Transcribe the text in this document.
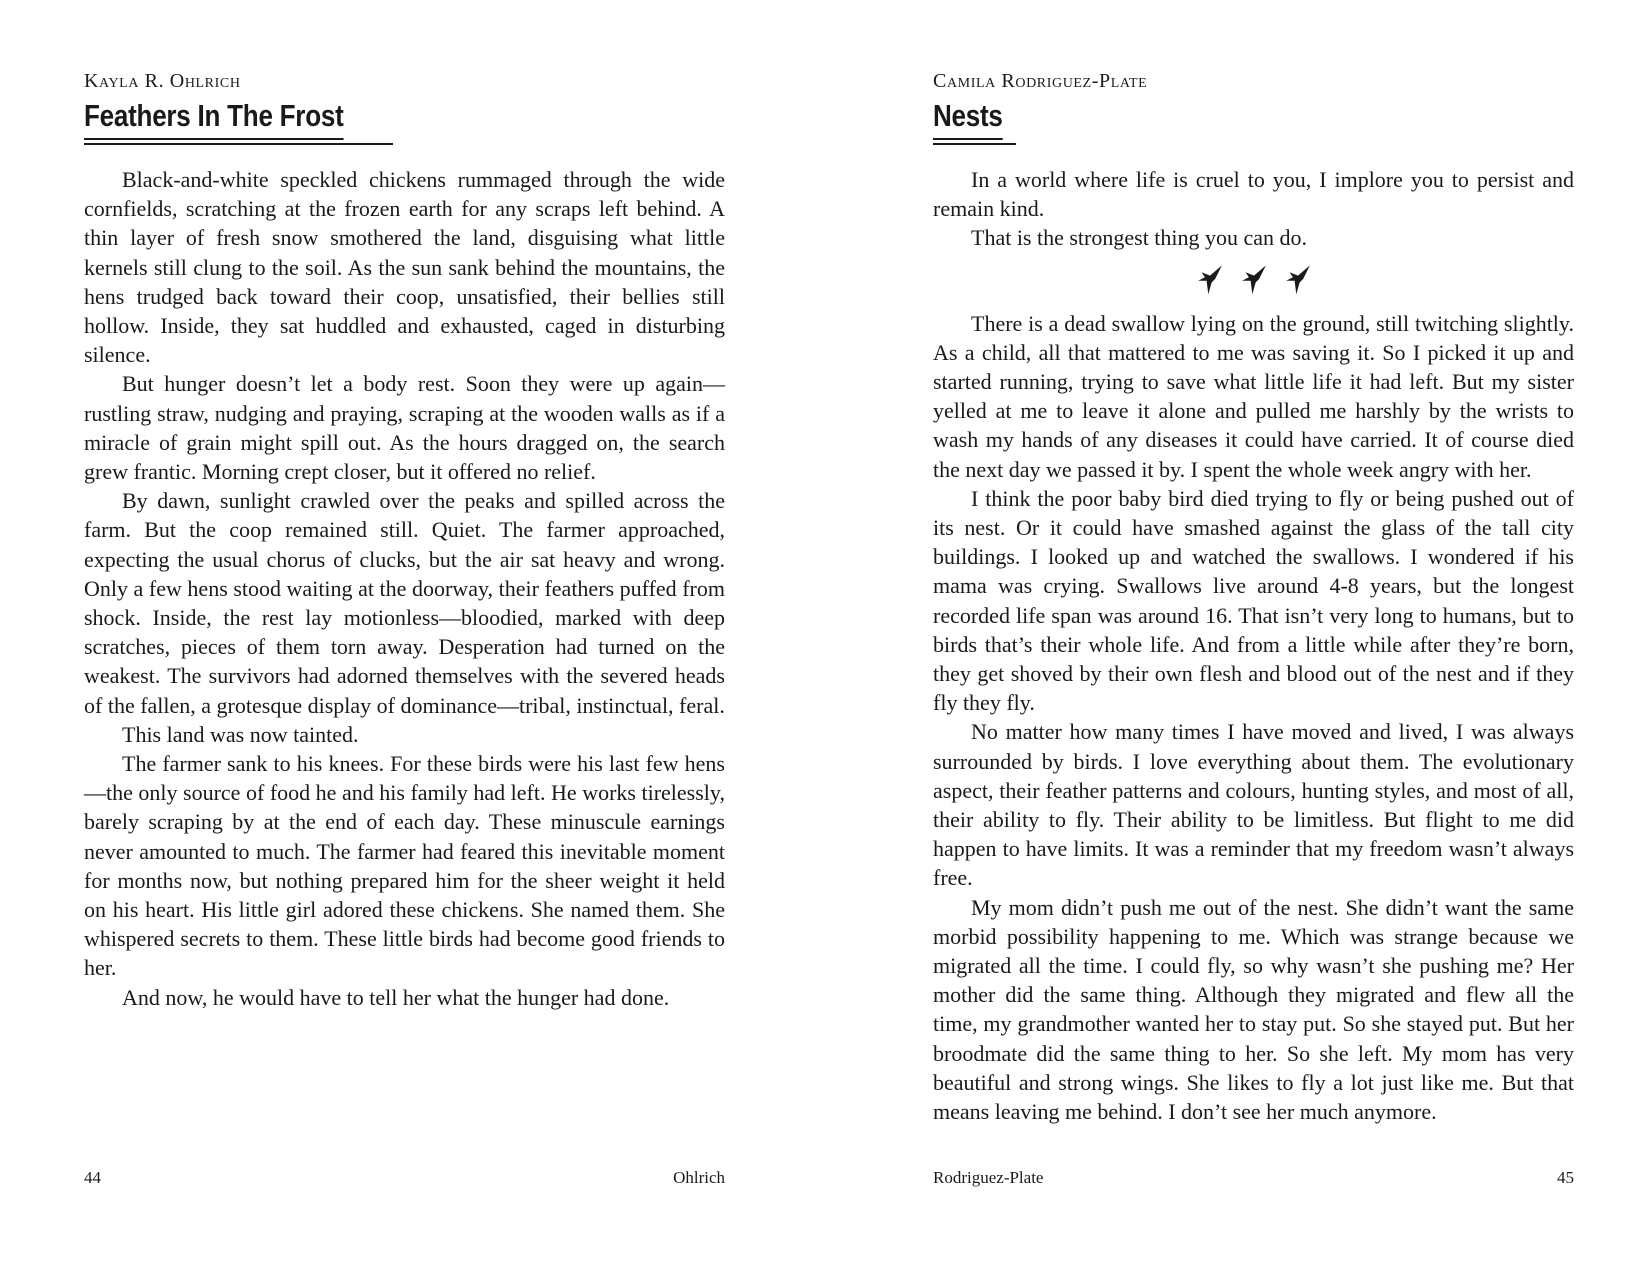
Kayla R. Ohlrich
Feathers In The Frost

Black-and-white speckled chickens rummaged through the wide cornfields, scratching at the frozen earth for any scraps left behind. A thin layer of fresh snow smothered the land, disguising what little kernels still clung to the soil. As the sun sank behind the mountains, the hens trudged back toward their coop, unsatisfied, their bellies still hollow. Inside, they sat huddled and exhausted, caged in disturbing silence.

But hunger doesn’t let a body rest. Soon they were up again—rustling straw, nudging and praying, scraping at the wooden walls as if a miracle of grain might spill out. As the hours dragged on, the search grew frantic. Morning crept closer, but it offered no relief.

By dawn, sunlight crawled over the peaks and spilled across the farm. But the coop remained still. Quiet. The farmer approached, expecting the usual chorus of clucks, but the air sat heavy and wrong. Only a few hens stood waiting at the doorway, their feathers puffed from shock. Inside, the rest lay motionless—bloodied, marked with deep scratches, pieces of them torn away. Desperation had turned on the weakest. The survivors had adorned themselves with the severed heads of the fallen, a grotesque display of dominance—tribal, instinctual, feral.

This land was now tainted.

The farmer sank to his knees. For these birds were his last few hens—the only source of food he and his family had left. He works tirelessly, barely scraping by at the end of each day. These minuscule earnings never amounted to much. The farmer had feared this inevitable moment for months now, but nothing prepared him for the sheer weight it held on his heart. His little girl adored these chickens. She named them. She whispered secrets to them. These little birds had become good friends to her.

And now, he would have to tell her what the hunger had done.

44	Ohlrich
Camila Rodriguez-Plate
Nests

In a world where life is cruel to you, I implore you to persist and remain kind.

That is the strongest thing you can do.

There is a dead swallow lying on the ground, still twitching slightly. As a child, all that mattered to me was saving it. So I picked it up and started running, trying to save what little life it had left. But my sister yelled at me to leave it alone and pulled me harshly by the wrists to wash my hands of any diseases it could have carried. It of course died the next day we passed it by. I spent the whole week angry with her.

I think the poor baby bird died trying to fly or being pushed out of its nest. Or it could have smashed against the glass of the tall city buildings. I looked up and watched the swallows. I wondered if his mama was crying. Swallows live around 4-8 years, but the longest recorded life span was around 16. That isn’t very long to humans, but to birds that’s their whole life. And from a little while after they’re born, they get shoved by their own flesh and blood out of the nest and if they fly they fly.

No matter how many times I have moved and lived, I was always surrounded by birds. I love everything about them. The evolutionary aspect, their feather patterns and colours, hunting styles, and most of all, their ability to fly. Their ability to be limitless. But flight to me did happen to have limits. It was a reminder that my freedom wasn’t always free.

My mom didn’t push me out of the nest. She didn’t want the same morbid possibility happening to me. Which was strange because we migrated all the time. I could fly, so why wasn’t she pushing me? Her mother did the same thing. Although they migrated and flew all the time, my grandmother wanted her to stay put. So she stayed put. But her broodmate did the same thing to her. So she left. My mom has very beautiful and strong wings. She likes to fly a lot just like me. But that means leaving me behind. I don’t see her much anymore.

Rodriguez-Plate	45
